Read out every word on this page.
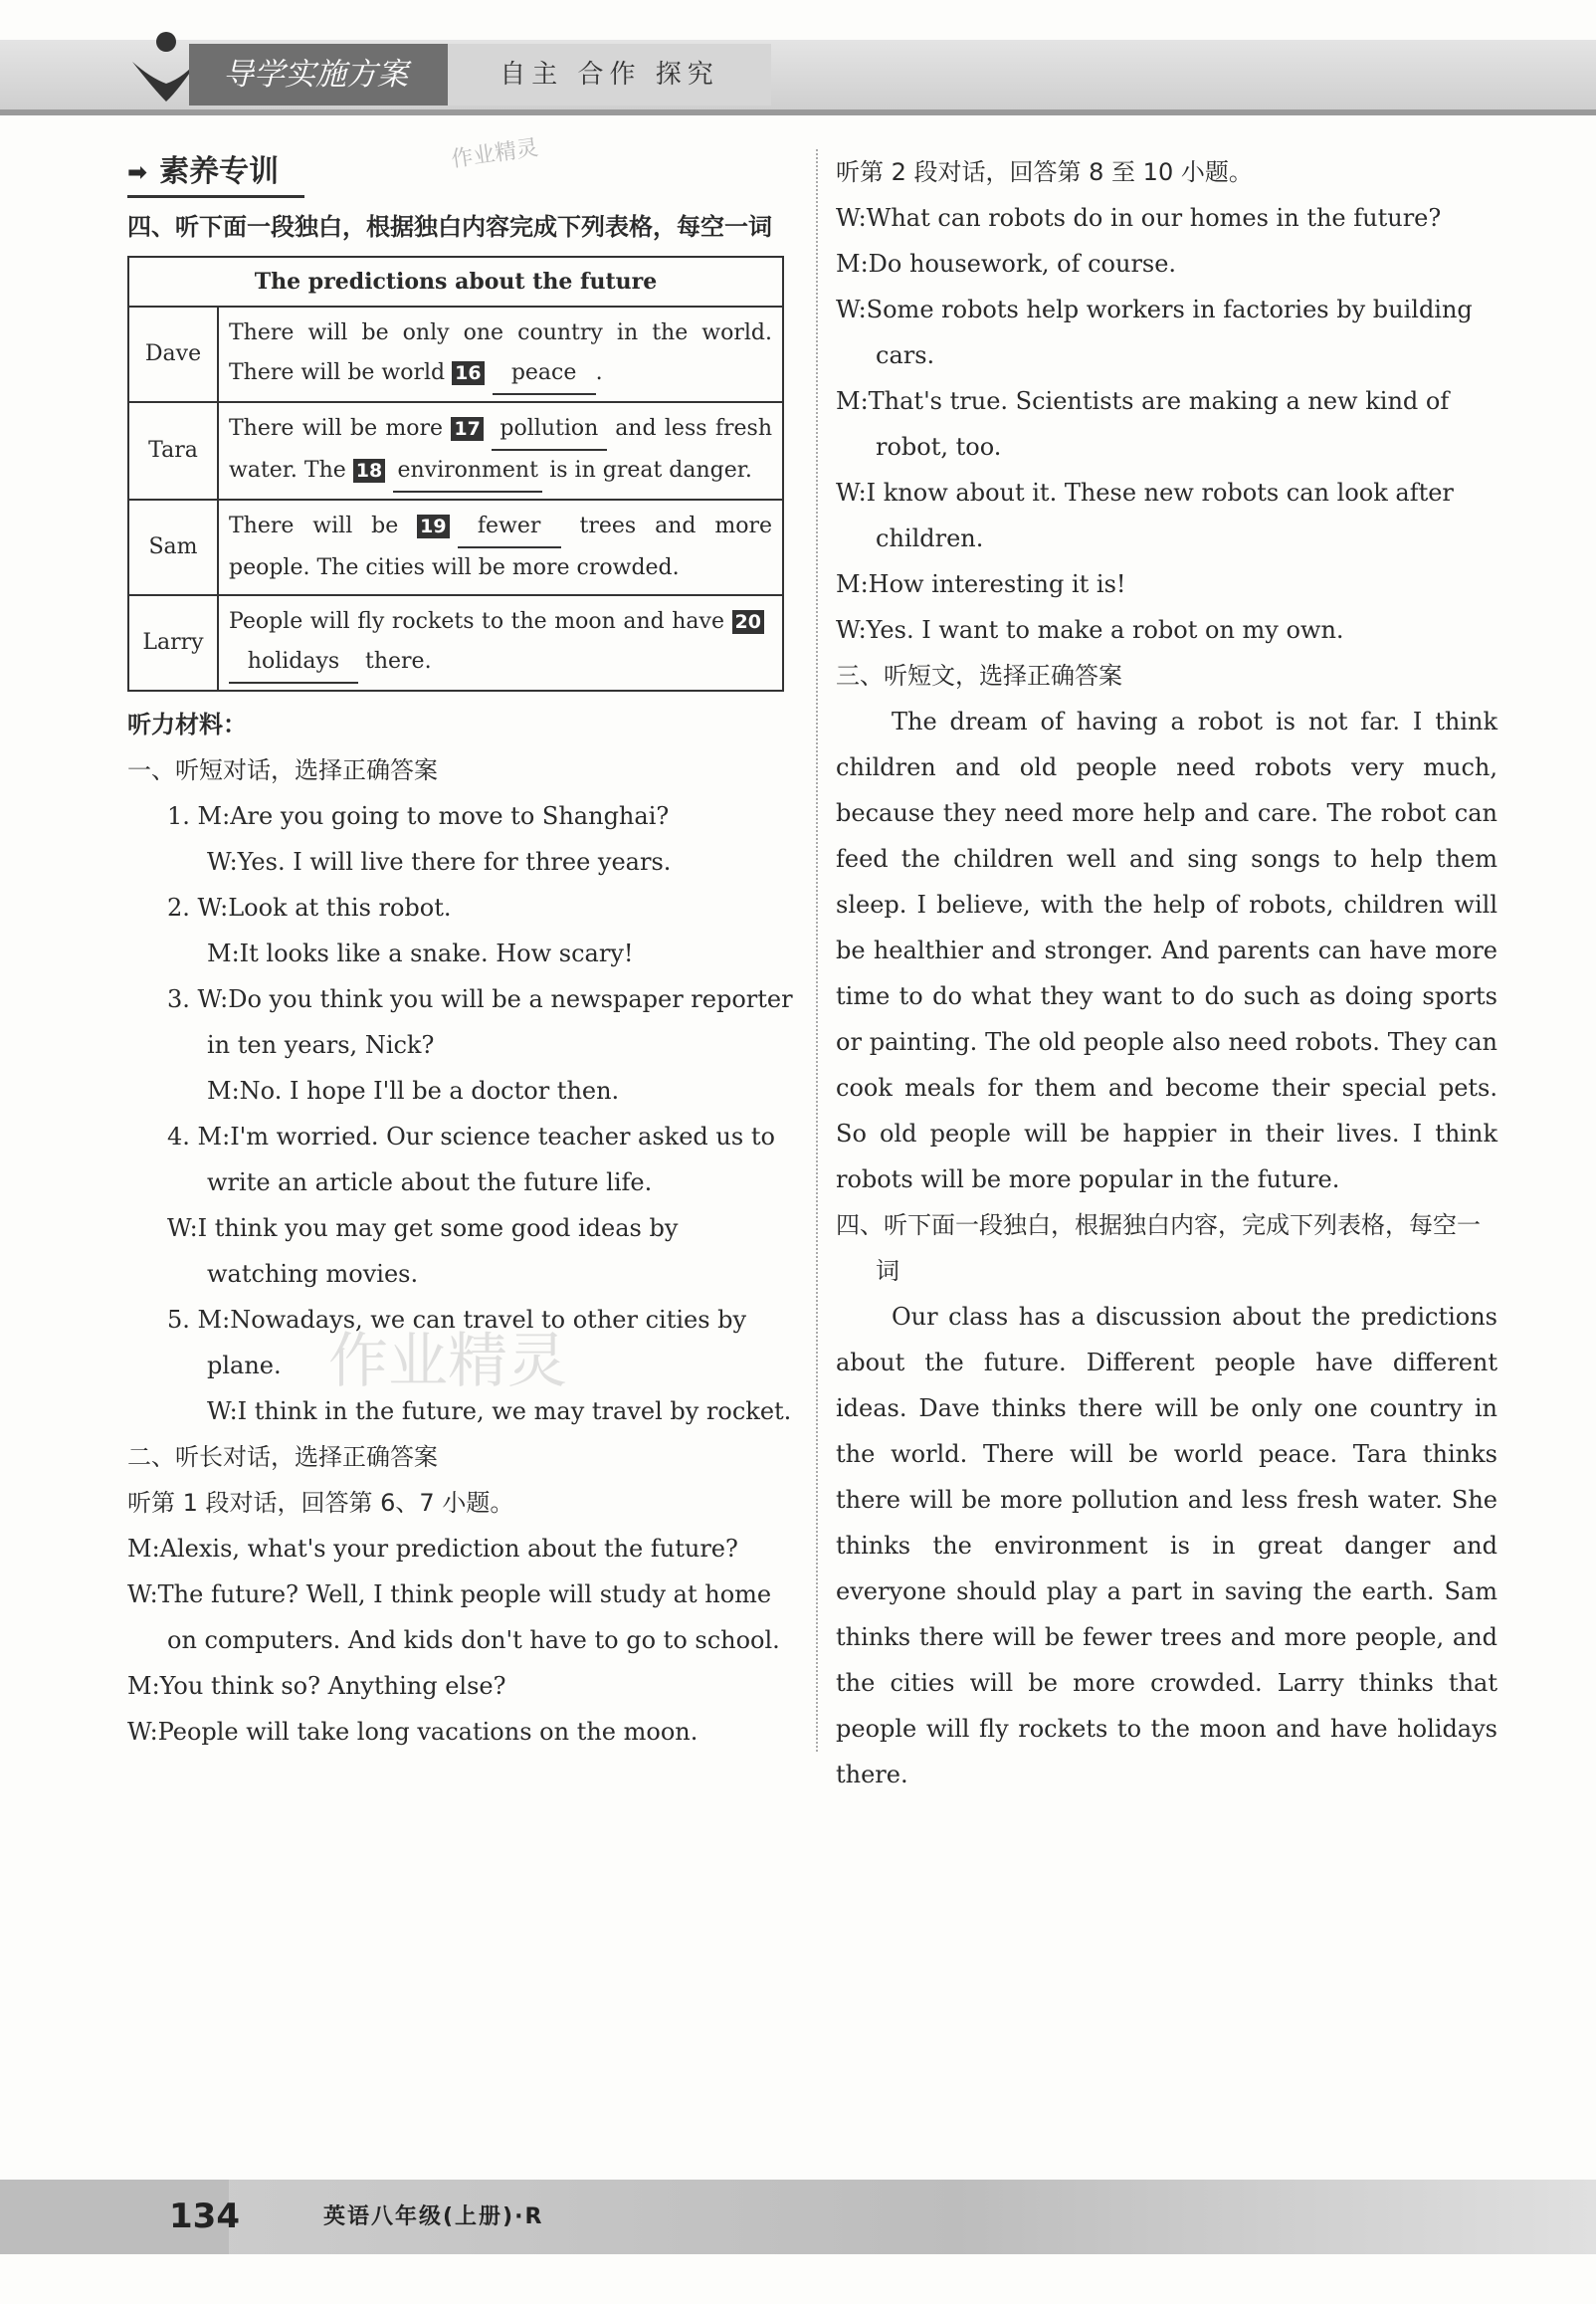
导学实施方案	自主 合作 探究
➡ 素养专训	作业精灵

四、听下面一段独白，根据独白内容完成下列表格，每空一词

The predictions about the future	
Dave	There will be only one country in the world. There will be world 16 peace .
Tara	There will be more 17 pollution and less fresh water. The 18 environment is in great danger.
Sam	There will be 19 fewer trees and more people. The cities will be more crowded.
Larry	People will fly rockets to the moon and have 20holidays there.

听力材料：

一、听短对话，选择正确答案

1. M:Are you going to move to Shanghai?

W:Yes. I will live there for three years.

2. W:Look at this robot.

M:It looks like a snake. How scary!

3. W:Do you think you will be a newspaper reporter in ten years, Nick?

M:No. I hope I'll be a doctor then.

4. M:I'm worried. Our science teacher asked us to write an article about the future life.

W:I think you may get some good ideas by watching movies.

5. M:Nowadays, we can travel to other cities by plane.

W:I think in the future, we may travel by rocket.

二、听长对话，选择正确答案

听第 1 段对话，回答第 6、7 小题。

M:Alexis, what's your prediction about the future?

W:The future? Well, I think people will study at home on computers. And kids don't have to go to school.

M:You think so? Anything else?

W:People will take long vacations on the moon.

听第 2 段对话，回答第 8 至 10 小题。

W:What can robots do in our homes in the future?

M:Do housework, of course.

W:Some robots help workers in factories by building cars.

M:That's true. Scientists are making a new kind of robot, too.

W:I know about it. These new robots can look after children.

M:How interesting it is!

W:Yes. I want to make a robot on my own.

三、听短文，选择正确答案

The dream of having a robot is not far. I think children and old people need robots very much, because they need more help and care. The robot can feed the children well and sing songs to help them sleep. I believe, with the help of robots, children will be healthier and stronger. And parents can have more time to do what they want to do such as doing sports or painting. The old people also need robots. They can cook meals for them and become their special pets. So old people will be happier in their lives. I think robots will be more popular in the future.

四、听下面一段独白，根据独白内容，完成下列表格，每空一词

Our class has a discussion about the predictions about the future. Different people have different ideas. Dave thinks there will be only one country in the world. There will be world peace. Tara thinks there will be more pollution and less fresh water. She thinks the environment is in great danger and everyone should play a part in saving the earth. Sam thinks there will be fewer trees and more people, and the cities will be more crowded. Larry thinks that people will fly rockets to the moon and have holidays there.

作业精灵
134	英语八年级(上册)·R
